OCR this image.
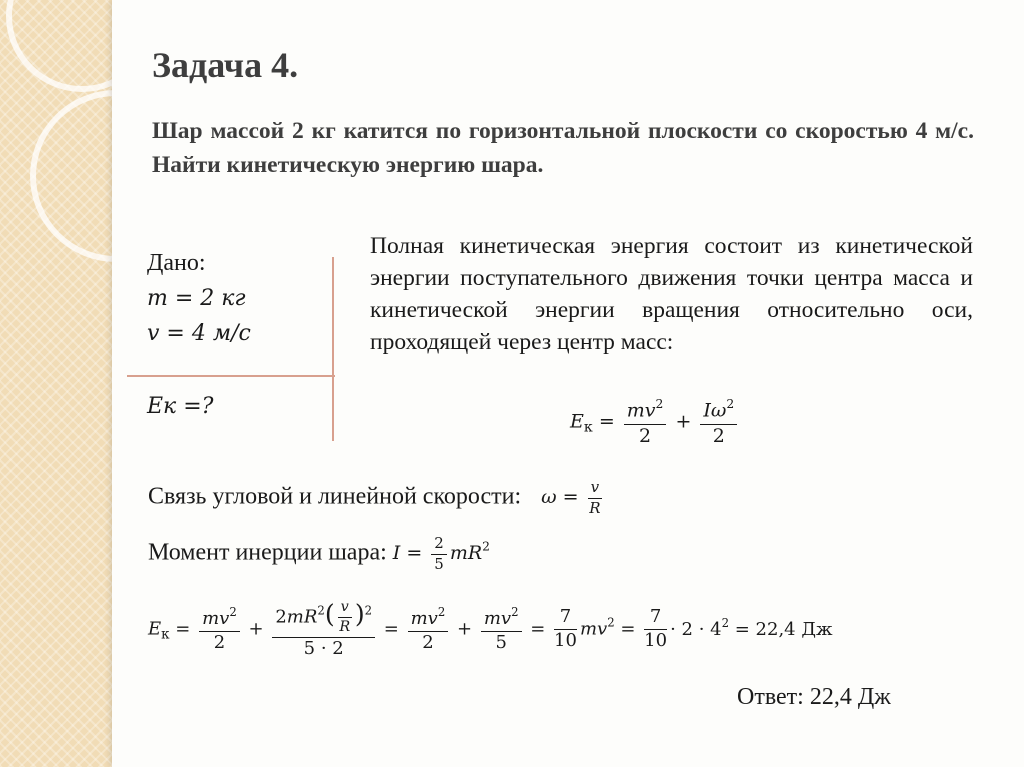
Задача 4.
Шар массой 2 кг катится по горизонтальной плоскости со скоростью 4 м/с. Найти кинетическую энергию шара.
Дано:
𝑚 = 2 кг
𝑣 = 4 м/с
𝐸к =?
Полная кинетическая энергия состоит из кинетической энергии поступательного движения точки центра масса и кинетической энергии вращения относительно оси, проходящей через центр масс:
$E_к = \frac{mv^2}{2} + \frac{I\omega^2}{2}$
Связь угловой и линейной скорости: $\omega = \frac{v}{R}$
Момент инерции шара: $I = \frac{2}{5} mR^2$
$E_к = \frac{mv^2}{2} + \frac{2mR^2( \frac{v}{R} )^2}{5 \cdot 2} = \frac{mv^2}{2} + \frac{mv^2}{5} = \frac{7}{10} mv^2 = \frac{7}{10} \cdot 2 \cdot 4^2 = 22,4$ Дж
Ответ: 22,4 Дж
